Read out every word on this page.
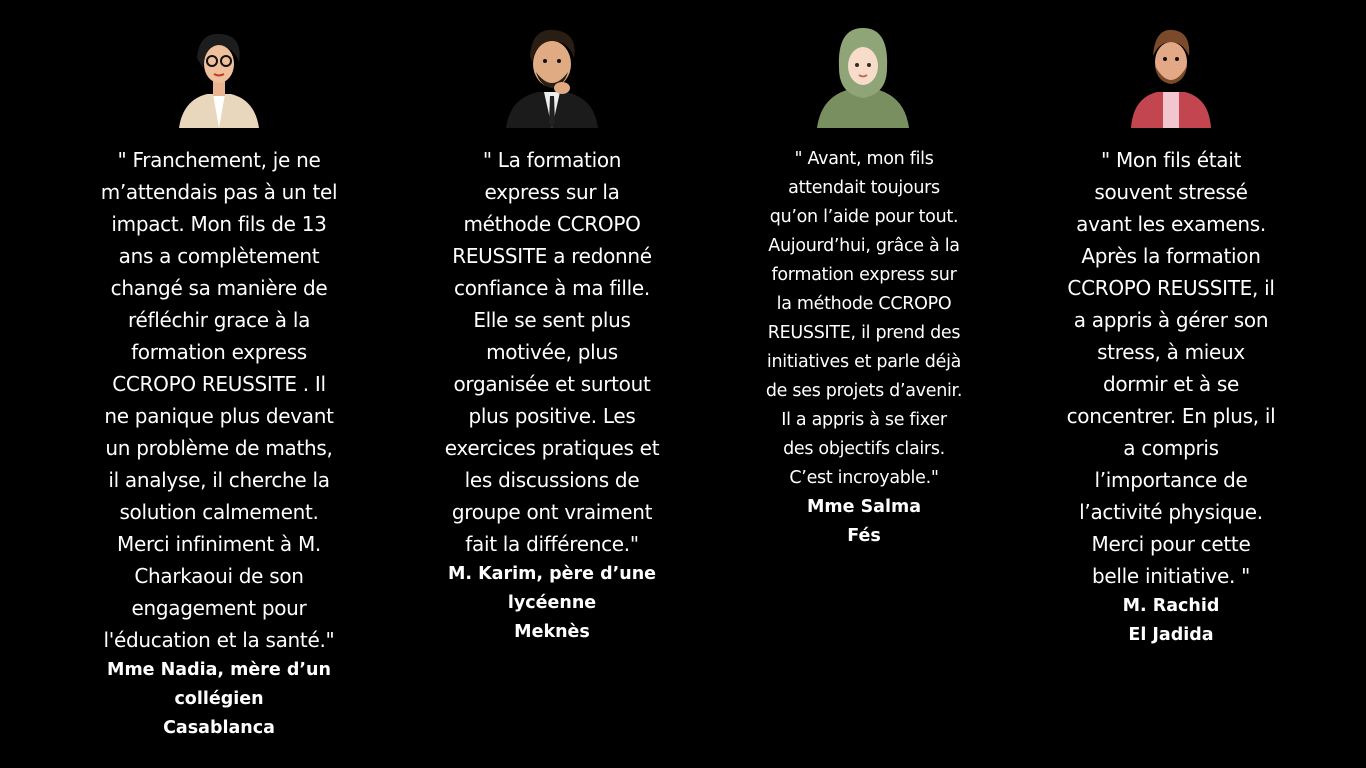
" Franchement, je ne
m’attendais pas à un tel
impact. Mon fils de 13
ans a complètement
changé sa manière de
réfléchir grace à la
formation express
CCROPO REUSSITE . Il
ne panique plus devant
un problème de maths,
il analyse, il cherche la
solution calmement.
Merci infiniment à M.
Charkaoui de son
engagement pour
l'éducation et la santé."
Mme Nadia, mère d’un
collégien
Casablanca
" La formation
express sur la
méthode CCROPO
REUSSITE a redonné
confiance à ma fille.
Elle se sent plus
motivée, plus
organisée et surtout
plus positive. Les
exercices pratiques et
les discussions de
groupe ont vraiment
fait la différence."
M. Karim, père d’une
lycéenne
Meknès
" Avant, mon fils
attendait toujours
qu’on l’aide pour tout.
Aujourd’hui, grâce à la
formation express sur
la méthode CCROPO
REUSSITE, il prend des
initiatives et parle déjà
de ses projets d’avenir.
Il a appris à se fixer
des objectifs clairs.
C’est incroyable."
Mme Salma
Fés
" Mon fils était
souvent stressé
avant les examens.
Après la formation
CCROPO REUSSITE, il
a appris à gérer son
stress, à mieux
dormir et à se
concentrer. En plus, il
a compris
l’importance de
l’activité physique.
Merci pour cette
belle initiative. "
M. Rachid
El Jadida
